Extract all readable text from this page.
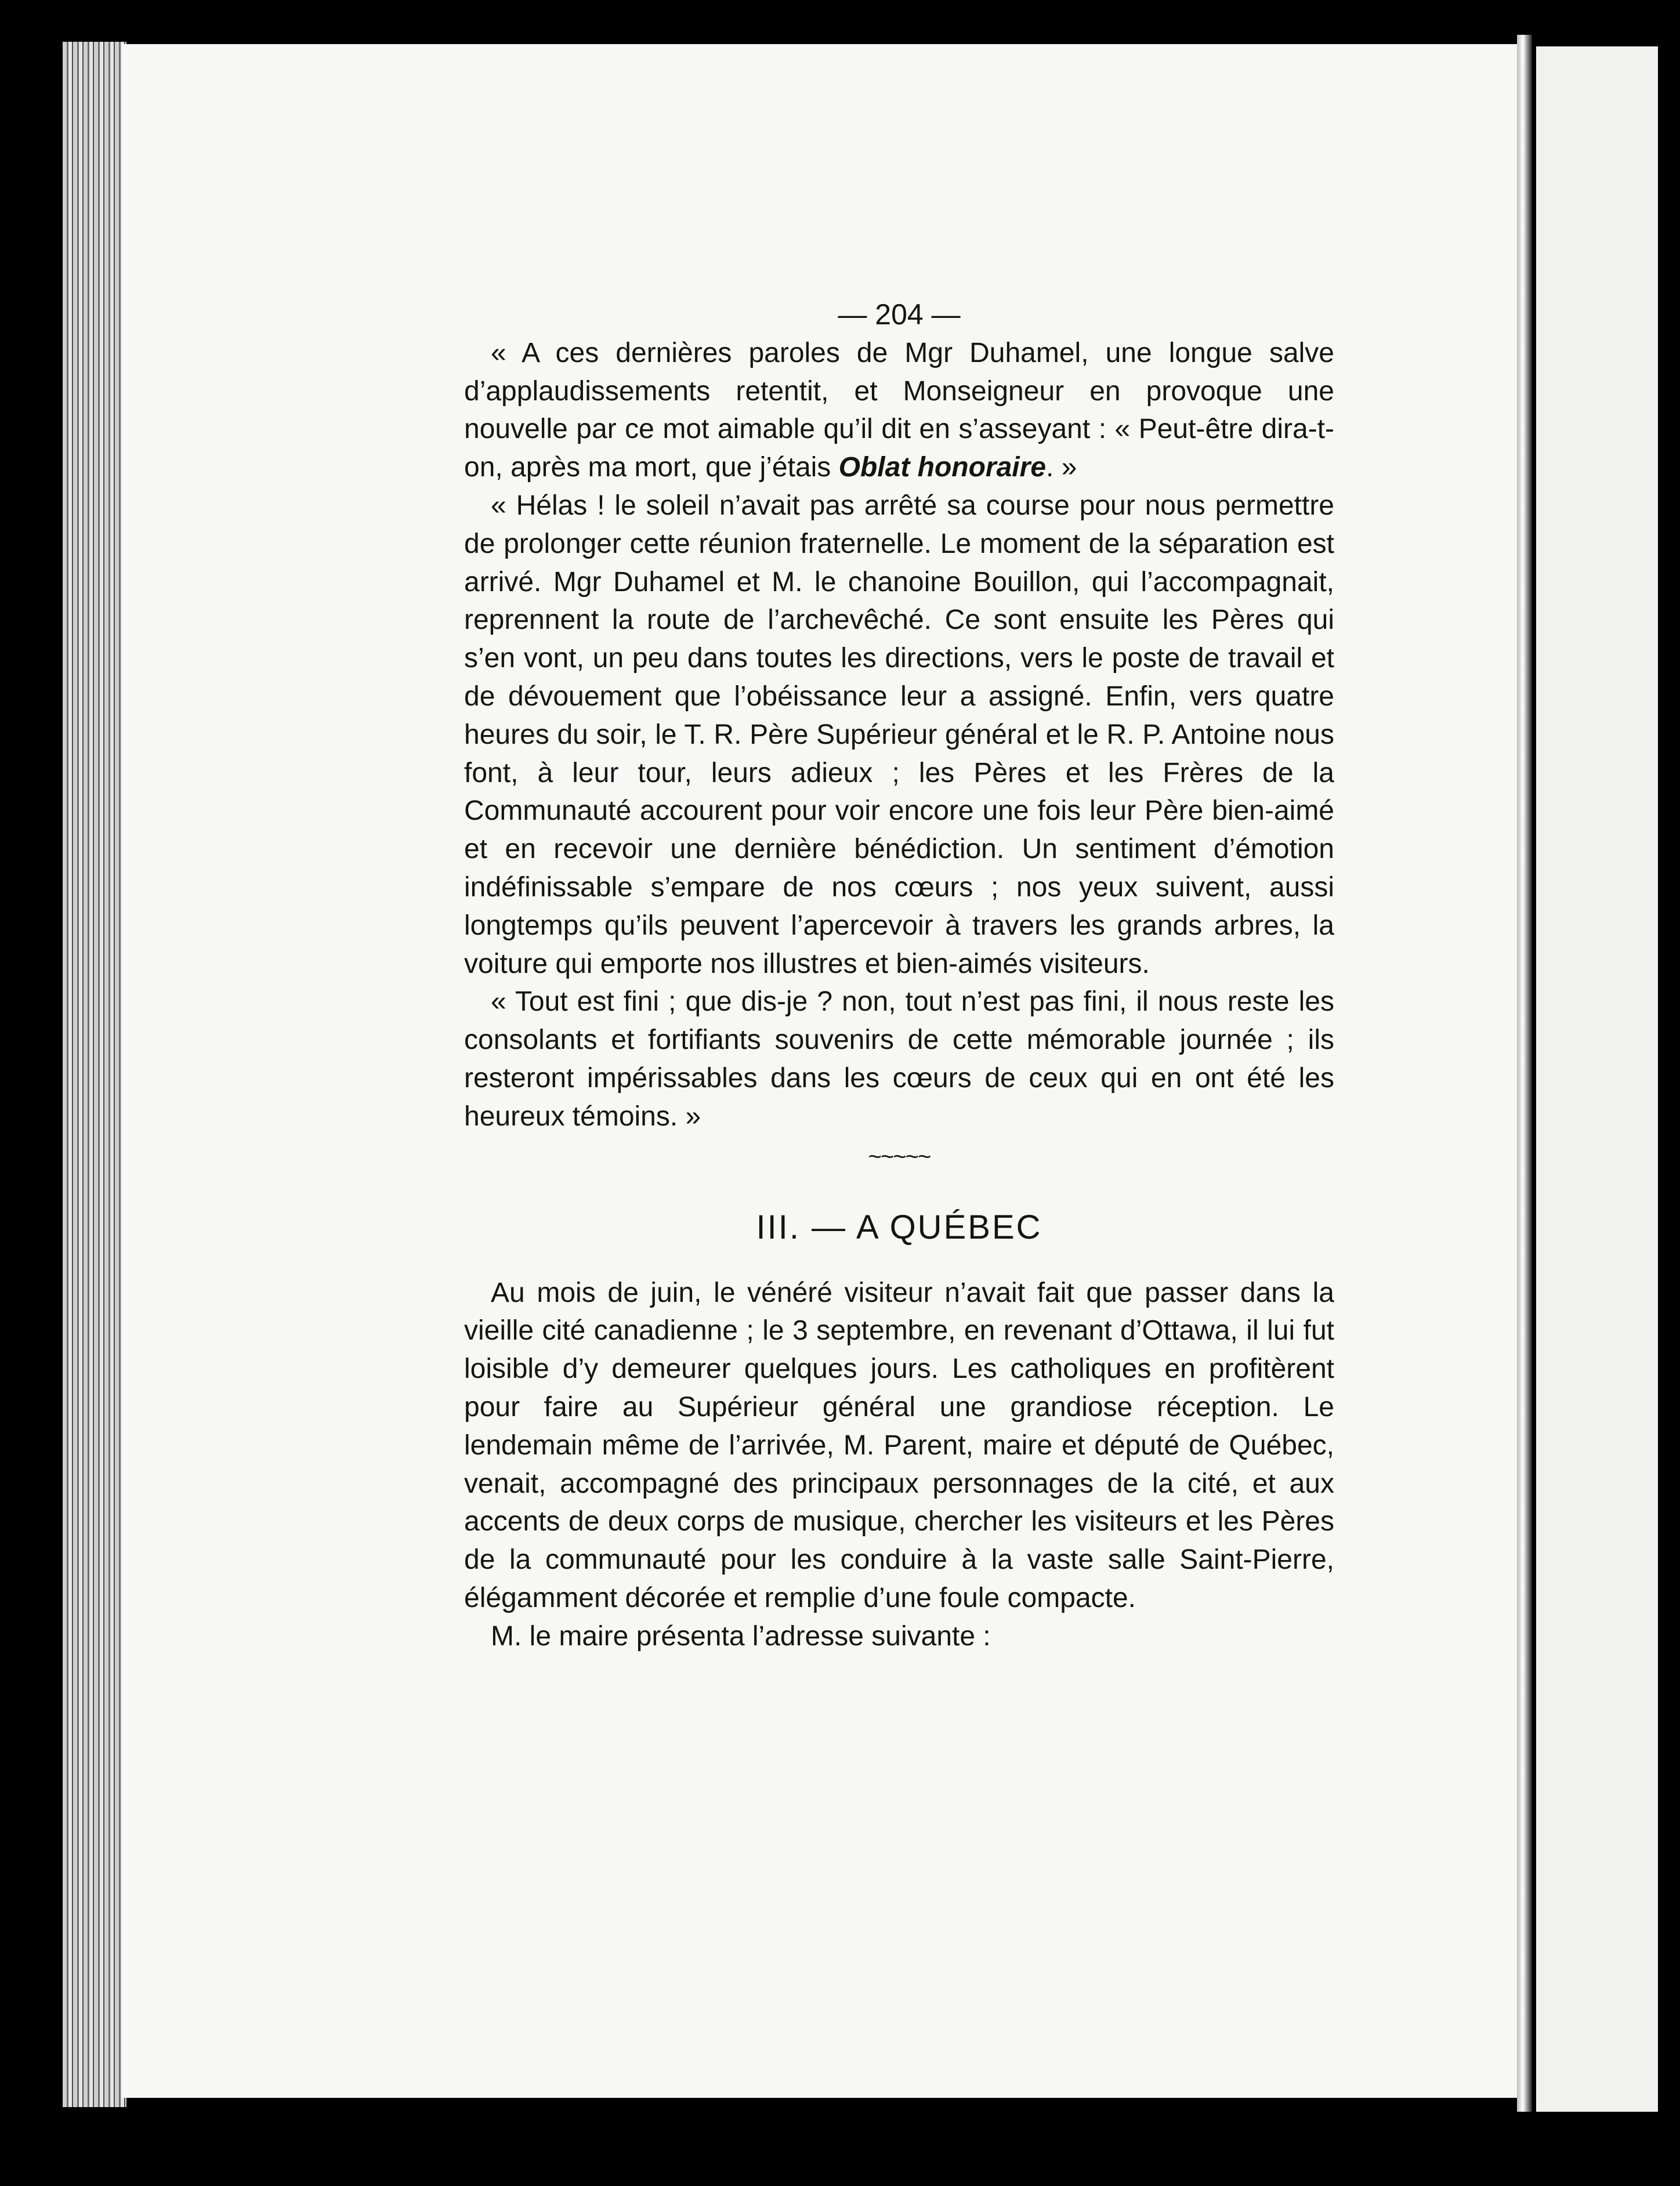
— 204 —

« A ces dernières paroles de Mgr Duhamel, une longue salve d’applaudissements retentit, et Monseigneur en provoque une nouvelle par ce mot aimable qu’il dit en s’asseyant : « Peut-être dira-t-on, après ma mort, que j’étais Oblat honoraire. »

« Hélas ! le soleil n’avait pas arrêté sa course pour nous permettre de prolonger cette réunion fraternelle. Le moment de la séparation est arrivé. Mgr Duhamel et M. le chanoine Bouillon, qui l’accompagnait, reprennent la route de l’archevêché. Ce sont ensuite les Pères qui s’en vont, un peu dans toutes les directions, vers le poste de travail et de dévouement que l’obéissance leur a assigné. Enfin, vers quatre heures du soir, le T. R. Père Supérieur général et le R. P. Antoine nous font, à leur tour, leurs adieux ; les Pères et les Frères de la Communauté accourent pour voir encore une fois leur Père bien-aimé et en recevoir une dernière bénédiction. Un sentiment d’émotion indéfinissable s’empare de nos cœurs ; nos yeux suivent, aussi longtemps qu’ils peuvent l’apercevoir à travers les grands arbres, la voiture qui emporte nos illustres et bien-aimés visiteurs.

« Tout est fini ; que dis-je ? non, tout n’est pas fini, il nous reste les consolants et fortifiants souvenirs de cette mémorable journée ; ils resteront impérissables dans les cœurs de ceux qui en ont été les heureux témoins. »

~~~~~
III. — A QUÉBEC

Au mois de juin, le vénéré visiteur n’avait fait que passer dans la vieille cité canadienne ; le 3 septembre, en revenant d’Ottawa, il lui fut loisible d’y demeurer quelques jours. Les catholiques en profitèrent pour faire au Supérieur général une grandiose réception. Le lendemain même de l’arrivée, M. Parent, maire et député de Québec, venait, accompagné des principaux personnages de la cité, et aux accents de deux corps de musique, chercher les visiteurs et les Pères de la communauté pour les conduire à la vaste salle Saint-Pierre, élégamment décorée et remplie d’une foule compacte.

M. le maire présenta l’adresse suivante :
